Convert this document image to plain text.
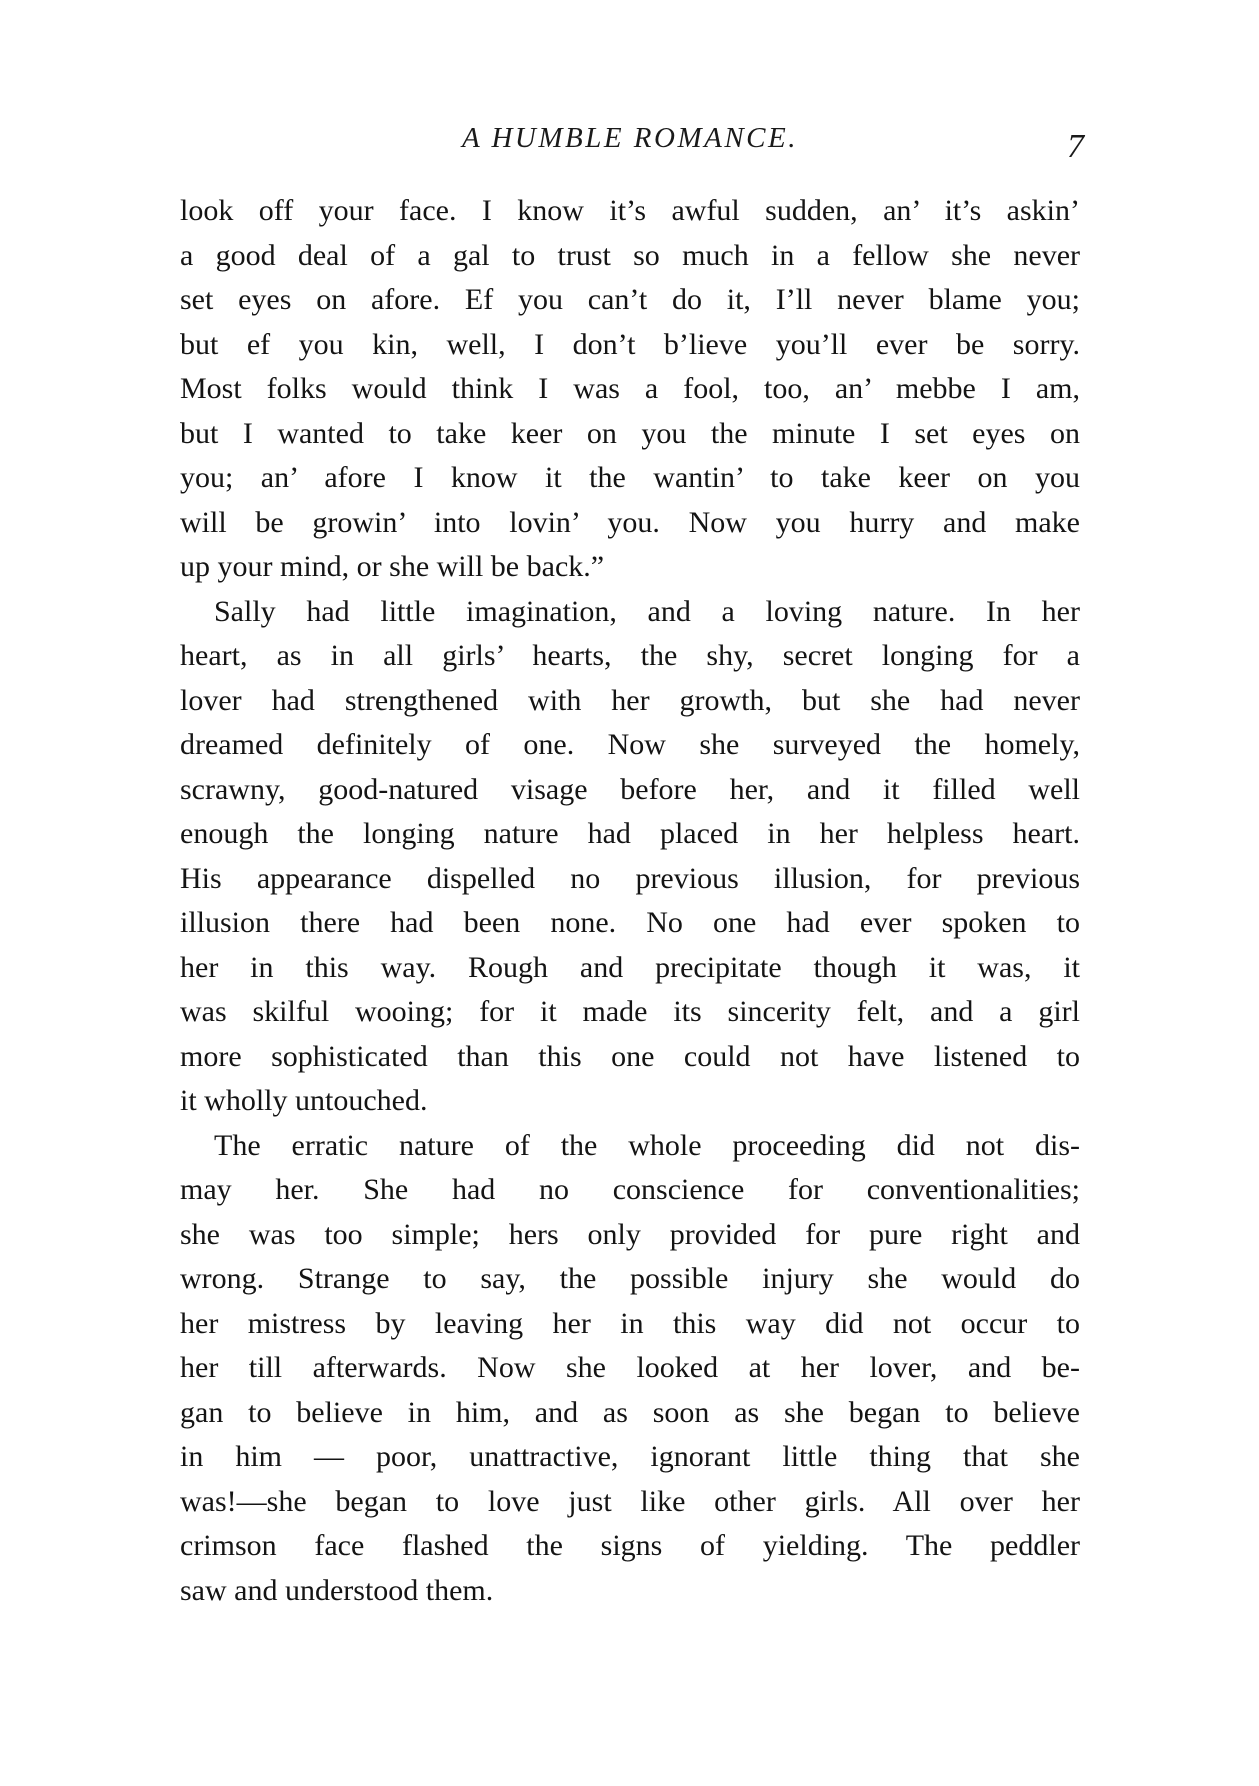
A HUMBLE ROMANCE.	7
look off your face. I know it’s awful sudden, an’ it’s askin’
a good deal of a gal to trust so much in a fellow she never
set eyes on afore. Ef you can’t do it, I’ll never blame you;
but ef you kin, well, I don’t b’lieve you’ll ever be sorry.
Most folks would think I was a fool, too, an’ mebbe I am,
but I wanted to take keer on you the minute I set eyes on
you; an’ afore I know it the wantin’ to take keer on you
will be growin’ into lovin’ you. Now you hurry and make
up your mind, or she will be back.”
Sally had little imagination, and a loving nature. In her
heart, as in all girls’ hearts, the shy, secret longing for a
lover had strengthened with her growth, but she had never
dreamed definitely of one. Now she surveyed the homely,
scrawny, good-natured visage before her, and it filled well
enough the longing nature had placed in her helpless heart.
His appearance dispelled no previous illusion, for previous
illusion there had been none. No one had ever spoken to
her in this way. Rough and precipitate though it was, it
was skilful wooing; for it made its sincerity felt, and a girl
more sophisticated than this one could not have listened to
it wholly untouched.
The erratic nature of the whole proceeding did not dis-
may her. She had no conscience for conventionalities;
she was too simple; hers only provided for pure right and
wrong. Strange to say, the possible injury she would do
her mistress by leaving her in this way did not occur to
her till afterwards. Now she looked at her lover, and be-
gan to believe in him, and as soon as she began to believe
in him — poor, unattractive, ignorant little thing that she
was!—she began to love just like other girls. All over her
crimson face flashed the signs of yielding. The peddler
saw and understood them.
